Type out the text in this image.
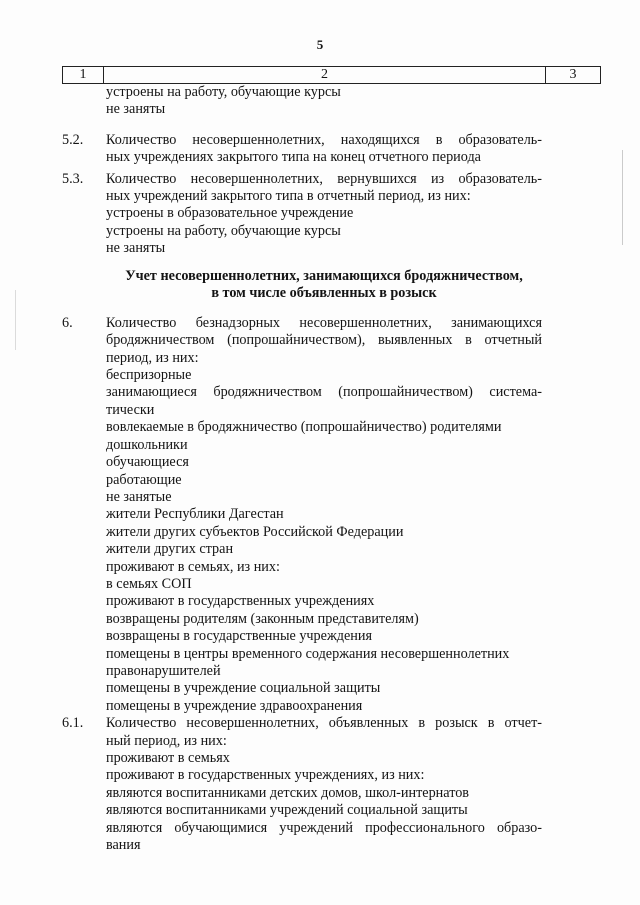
5
1	2	3

устроены на работу, обучающие курсы
не заняты

5.2.	Количество несовершеннолетних, находящихся в образователь-
ных учреждениях закрытого типа на конец отчетного периода

5.3.	Количество несовершеннолетних, вернувшихся из образователь-
ных учреждений закрытого типа в отчетный период, из них:
устроены в образовательное учреждение
устроены на работу, обучающие курсы
не заняты

Учет несовершеннолетних, занимающихся бродяжничеством,
в том числе объявленных в розыск
6.	Количество безнадзорных несовершеннолетних, занимающихся
бродяжничеством (попрошайничеством), выявленных в отчетный
период, из них:
беспризорные
занимающиеся бродяжничеством (попрошайничеством) система-
тически
вовлекаемые в бродяжничество (попрошайничество) родителями
дошкольники
обучающиеся
работающие
не занятые
жители Республики Дагестан
жители других субъектов Российской Федерации
жители других стран
проживают в семьях, из них:
в семьях СОП
проживают в государственных учреждениях
возвращены родителям (законным представителям)
возвращены в государственные учреждения
помещены в центры временного содержания несовершеннолетних
правонарушителей
помещены в учреждение социальной защиты
помещены в учреждение здравоохранения

6.1.	Количество несовершеннолетних, объявленных в розыск в отчет-
ный период, из них:
проживают в семьях
проживают в государственных учреждениях, из них:
являются воспитанниками детских домов, школ-интернатов
являются воспитанниками учреждений социальной защиты
являются обучающимися учреждений профессионального образо-
вания
